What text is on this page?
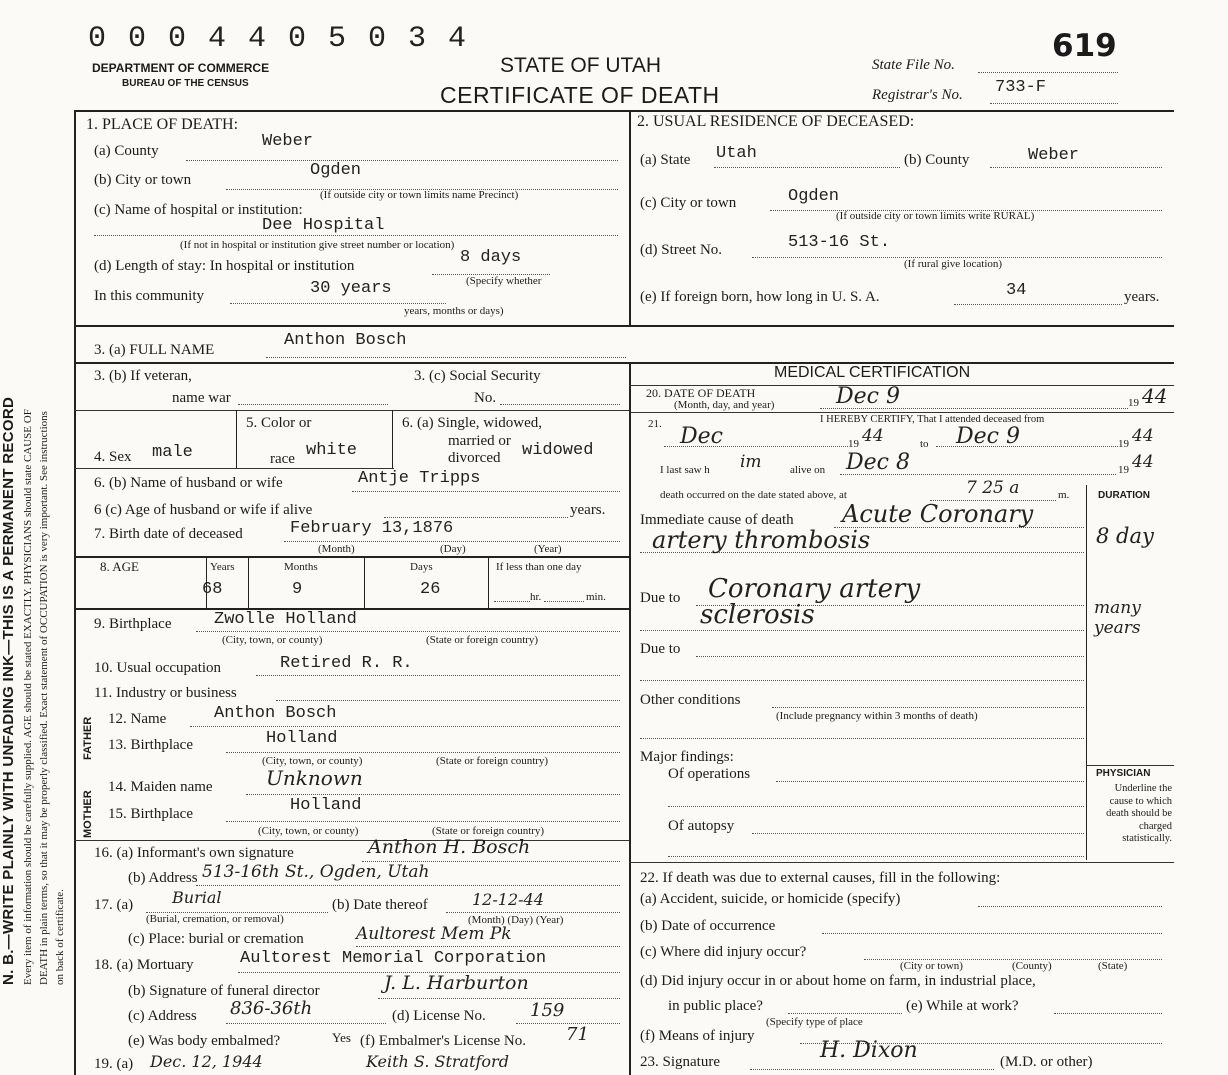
0 0 0 4 4 0 5 0 3 4
DEPARTMENT OF COMMERCE
BUREAU OF THE CENSUS
STATE OF UTAH
CERTIFICATE OF DEATH
State File No.
619
Registrar's No. 733-F
N. B.—WRITE PLAINLY WITH UNFADING INK—THIS IS A PERMANENT RECORD Every item of information should be carefully supplied. AGE should be stated EXACTLY. PHYSICIANS should state CAUSE OF DEATH in plain terms, so that it may be properly classified. Exact statement of OCCUPATION is very important. See instructions on back of certificate.
1. PLACE OF DEATH:
(a) County	Weber
(b) City or town	Ogden
(If outside city or town limits name Precinct)
(c) Name of hospital or institution:
Dee Hospital
(If not in hospital or institution give street number or location)
(d) Length of stay: In hospital or institution	8 days
(Specify whether
In this community	30 years
years, months or days)
2. USUAL RESIDENCE OF DECEASED:
(a) State Utah	(b) County	Weber
(c) City or town	Ogden
(If outside city or town limits write RURAL)
(d) Street No.	513-16 St.
(If rural give location)
(e) If foreign born, how long in U. S. A.	34	years.
3. (a) FULL NAME	Anthon Bosch
3. (b) If veteran,
name war
3. (c) Social Security
No.
4. Sex male
5. Color or
race white
6. (a) Single, widowed,
married or
divorced widowed
6. (b) Name of husband or wife	Antje Tripps
6 (c) Age of husband or wife if alive	years.
7. Birth date of deceased	February 13,1876
(Month)	(Day)	(Year)
8. AGE	Years	Months	Days	If less than one day
68	9	26	hr.	min.
9. Birthplace	Zwolle Holland
(City, town, or county)	(State or foreign country)
10. Usual occupation	Retired R. R.
11. Industry or business
FATHER
MOTHER
12. Name	Anthon Bosch
13. Birthplace	Holland
(City, town, or county)	(State or foreign country)
14. Maiden name	Unknown
15. Birthplace	Holland
(City, town, or county)	(State or foreign country)
16. (a) Informant's own signature	Anthon H. Bosch
(b) Address 513-16th St., Ogden, Utah
17. (a) Burial
(Burial, cremation, or removal)
(b) Date thereof	12-12-44
(Month) (Day) (Year)
(c) Place: burial or cremation	Aultorest Mem Pk
18. (a) Mortuary	Aultorest Memorial Corporation
(b) Signature of funeral director	J. L. Harburton
(c) Address 836-36th	(d) License No. 159
(e) Was body embalmed?	Yes (f) Embalmer's License No. 71
19. (a) Dec. 12, 1944	Keith S. Stratford
MEDICAL CERTIFICATION
20. DATE OF DEATH
(Month, day, and year)	Dec 9	19 44
21.	I HEREBY CERTIFY, That I attended deceased from
Dec	19 44	to Dec 9	19 44
I last saw h im	alive on Dec 8	19 44
death occurred on the date stated above, at	7 25 a	m.	DURATION
Immediate cause of death Acute Coronary
artery thrombosis	8 day
Due to Coronary artery
sclerosis	many years
Due to
Other conditions
(Include pregnancy within 3 months of death)
Major findings:
Of operations
Of autopsy
PHYSICIAN
Underline the cause to which death should be charged statistically.
22. If death was due to external causes, fill in the following:
(a) Accident, suicide, or homicide (specify)
(b) Date of occurrence
(c) Where did injury occur?
(City or town)	(County)	(State)
(d) Did injury occur in or about home on farm, in industrial place,
in public place?	(e) While at work?
(Specify type of place
(f) Means of injury
23. Signature	H. Dixon	(M.D. or other)
